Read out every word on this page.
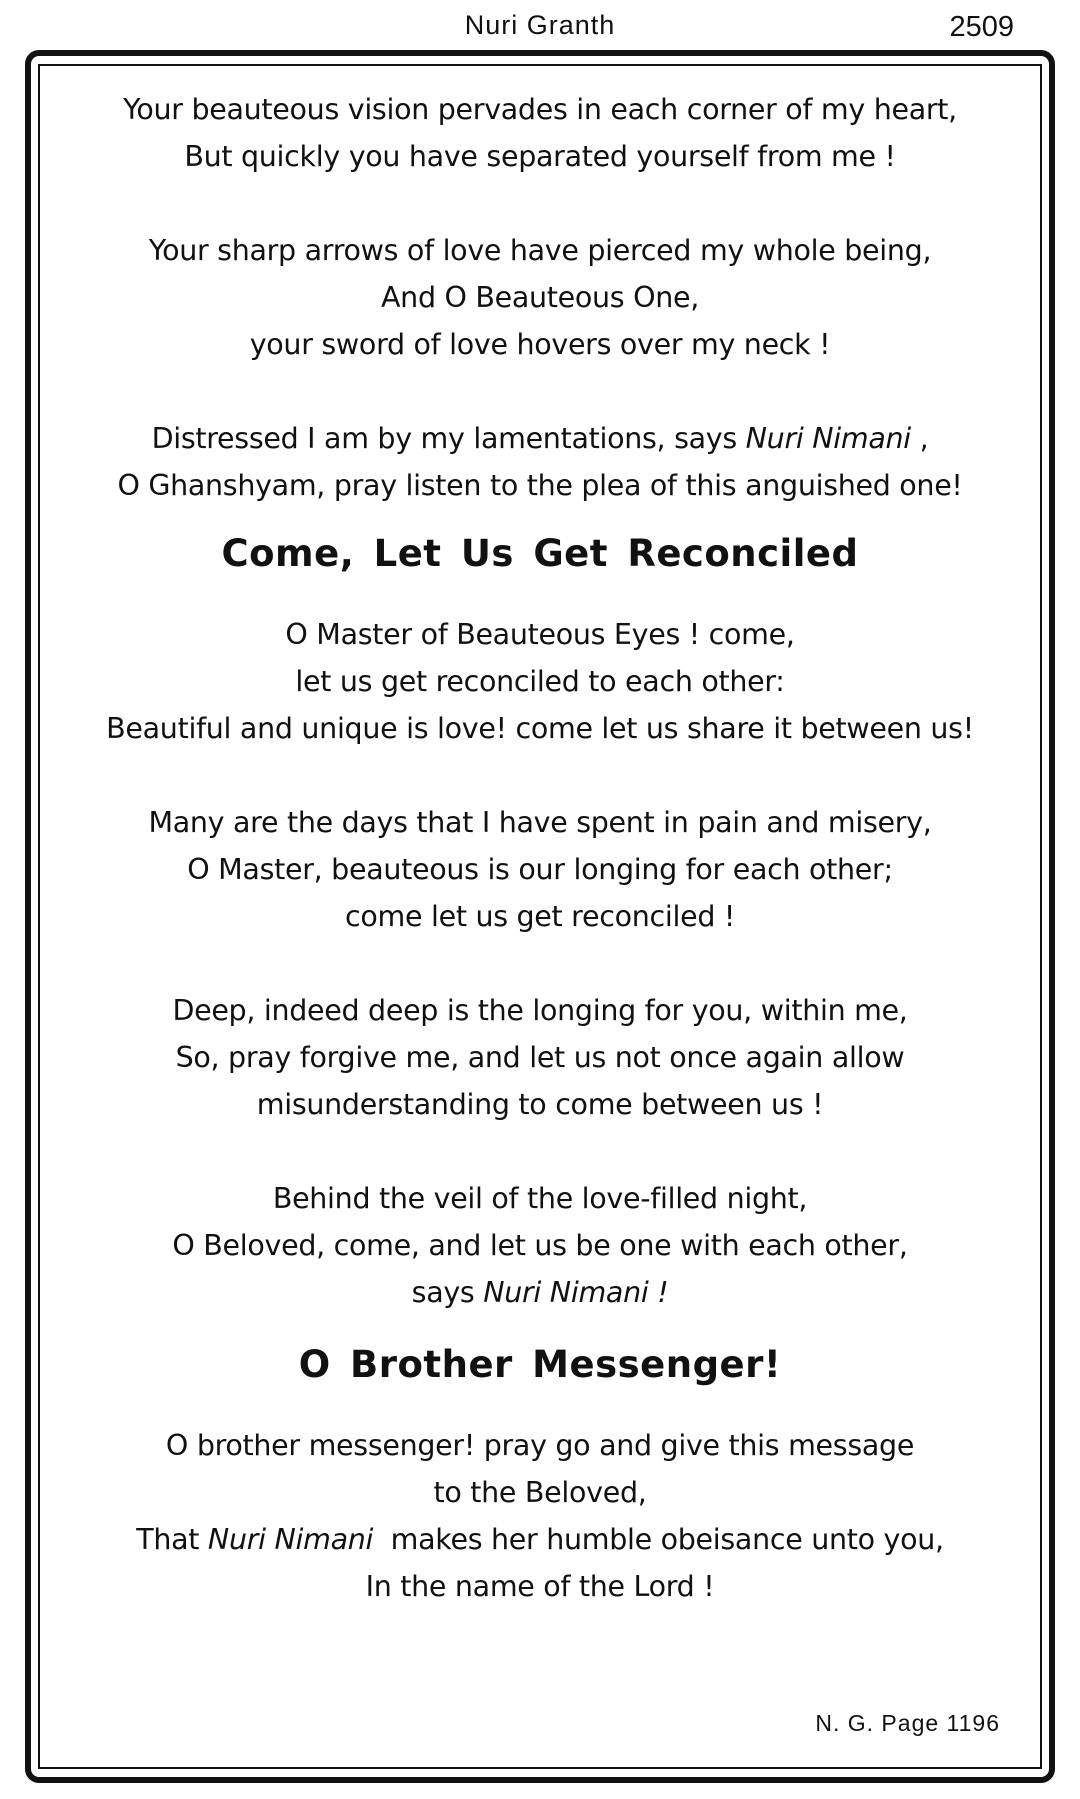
Nuri Granth	2509
Your beauteous vision pervades in each corner of my heart,
But quickly you have separated yourself from me !
Your sharp arrows of love have pierced my whole being,
And O Beauteous One,
your sword of love hovers over my neck !
Distressed I am by my lamentations, says Nuri Nimani ,
O Ghanshyam, pray listen to the plea of this anguished one!
Come, Let Us Get Reconciled
O Master of Beauteous Eyes ! come,
let us get reconciled to each other:
Beautiful and unique is love! come let us share it between us!
Many are the days that I have spent in pain and misery,
O Master, beauteous is our longing for each other;
come let us get reconciled !
Deep, indeed deep is the longing for you, within me,
So, pray forgive me, and let us not once again allow
misunderstanding to come between us !
Behind the veil of the love-filled night,
O Beloved, come, and let us be one with each other,
says Nuri Nimani !
O Brother Messenger!
O brother messenger! pray go and give this message
to the Beloved,
That Nuri Nimani  makes her humble obeisance unto you,
In the name of the Lord !
N. G. Page 1196
